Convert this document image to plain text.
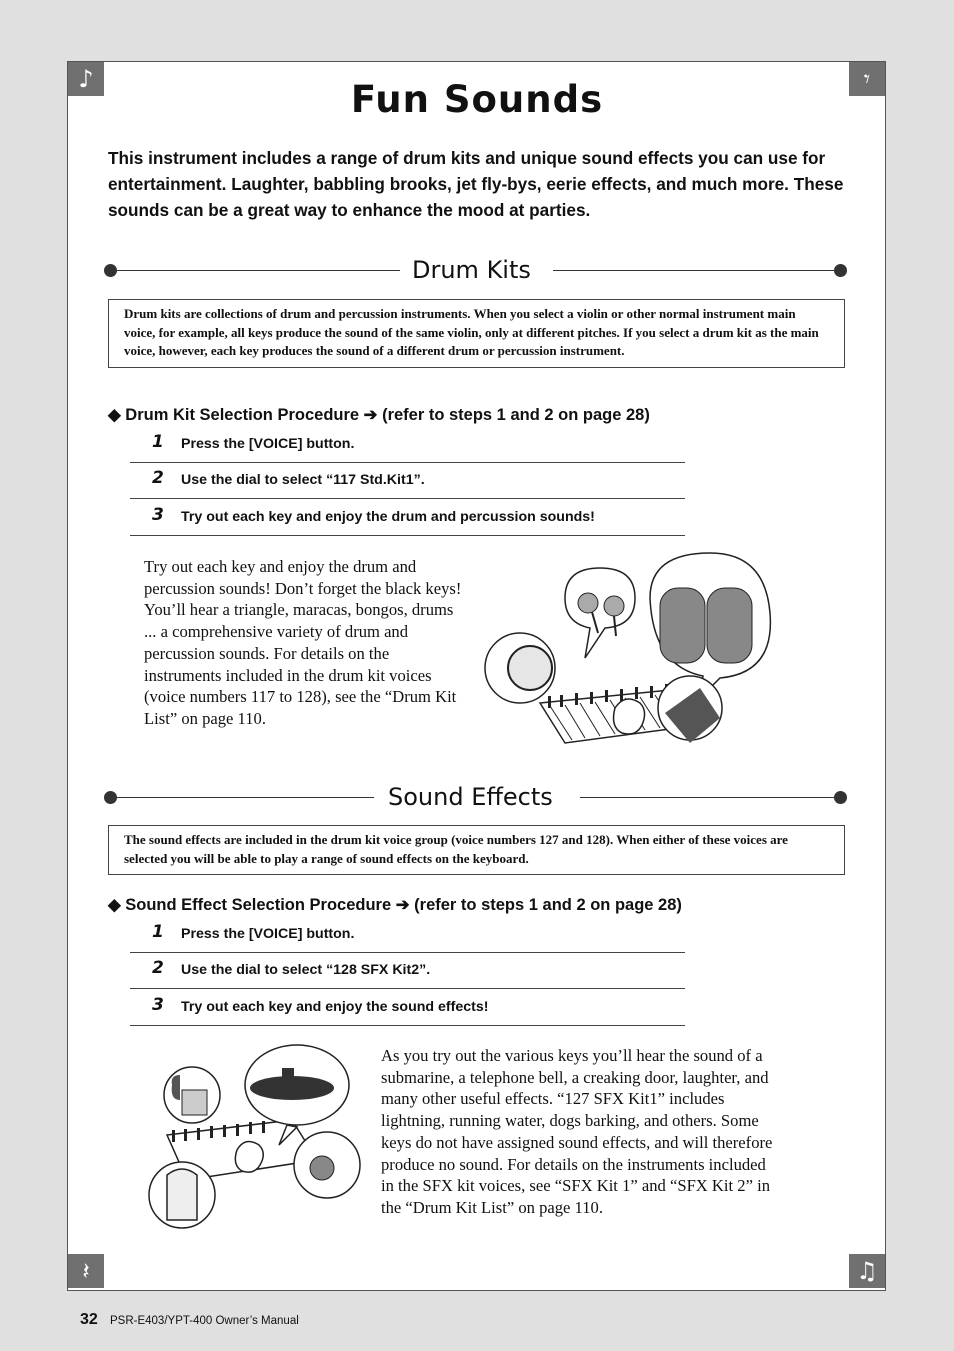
♪	𝄾
𝄽	♫
Fun Sounds

This instrument includes a range of drum kits and unique sound effects you can use for entertainment. Laughter, babbling brooks, jet fly-bys, eerie effects, and much more. These sounds can be a great way to enhance the mood at parties.

Drum Kits
Drum kits are collections of drum and percussion instruments. When you select a violin or other normal instrument main voice, for example, all keys produce the sound of the same violin, only at different pitches. If you select a drum kit as the main voice, however, each key produces the sound of a different drum or percussion instrument.
◆ Drum Kit Selection Procedure ➔ (refer to steps 1 and 2 on page 28)
1 Press the [VOICE] button.
2 Use the dial to select “117 Std.Kit1”.
3 Try out each key and enjoy the drum and percussion sounds!

Try out each key and enjoy the drum and percussion sounds! Don’t forget the black keys! You’ll hear a triangle, maracas, bongos, drums ... a comprehensive variety of drum and percussion sounds. For details on the instruments included in the drum kit voices (voice numbers 117 to 128), see the “Drum Kit List” on page 110.

Sound Effects
The sound effects are included in the drum kit voice group (voice numbers 127 and 128). When either of these voices are selected you will be able to play a range of sound effects on the keyboard.
◆ Sound Effect Selection Procedure ➔ (refer to steps 1 and 2 on page 28)
1 Press the [VOICE] button.
2 Use the dial to select “128 SFX Kit2”.
3 Try out each key and enjoy the sound effects!

As you try out the various keys you’ll hear the sound of a submarine, a telephone bell, a creaking door, laughter, and many other useful effects. “127 SFX Kit1” includes lightning, running water, dogs barking, and others. Some keys do not have assigned sound effects, and will therefore produce no sound. For details on the instruments included in the SFX kit voices, see “SFX Kit 1” and “SFX Kit 2” in the “Drum Kit List” on page 110.

32 PSR-E403/YPT-400 Owner’s Manual
